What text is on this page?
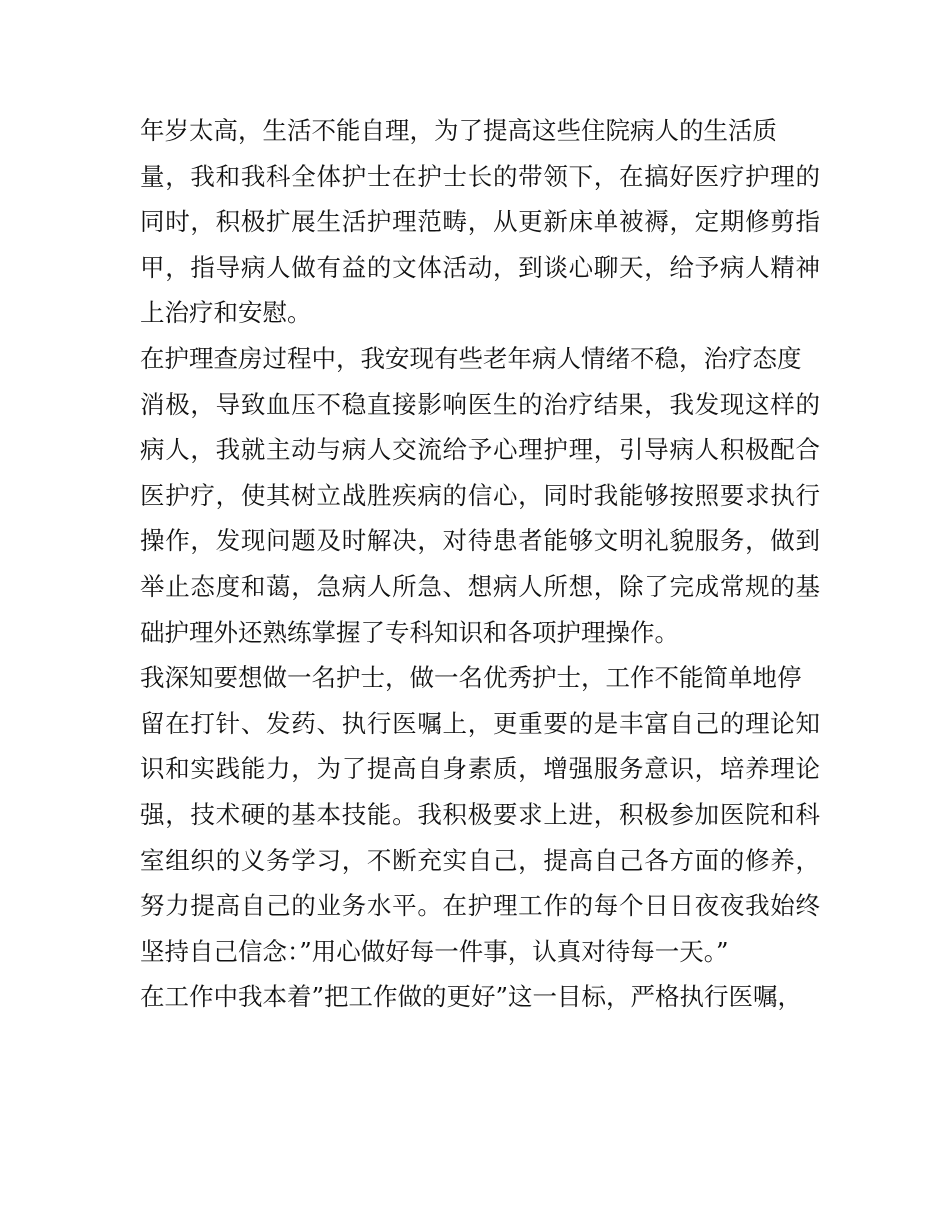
年岁太高，生活不能自理，为了提高这些住院病人的生活质
量，我和我科全体护士在护士长的带领下，在搞好医疗护理的
同时，积极扩展生活护理范畴，从更新床单被褥，定期修剪指
甲，指导病人做有益的文体活动，到谈心聊天，给予病人精神
上治疗和安慰。
在护理查房过程中，我安现有些老年病人情绪不稳，治疗态度
消极，导致血压不稳直接影响医生的治疗结果，我发现这样的
病人，我就主动与病人交流给予心理护理，引导病人积极配合
医护疗，使其树立战胜疾病的信心，同时我能够按照要求执行
操作，发现问题及时解决，对待患者能够文明礼貌服务，做到
举止态度和蔼，急病人所急、想病人所想，除了完成常规的基
础护理外还熟练掌握了专科知识和各项护理操作。
我深知要想做一名护士，做一名优秀护士，工作不能简单地停
留在打针、发药、执行医嘱上，更重要的是丰富自己的理论知
识和实践能力，为了提高自身素质，增强服务意识，培养理论
强，技术硬的基本技能。我积极要求上进，积极参加医院和科
室组织的义务学习，不断充实自己，提高自己各方面的修养，
努力提高自己的业务水平。在护理工作的每个日日夜夜我始终
坚持自己信念：”用心做好每一件事，认真对待每一天。”
在工作中我本着”把工作做的更好”这一目标，严格执行医嘱，
